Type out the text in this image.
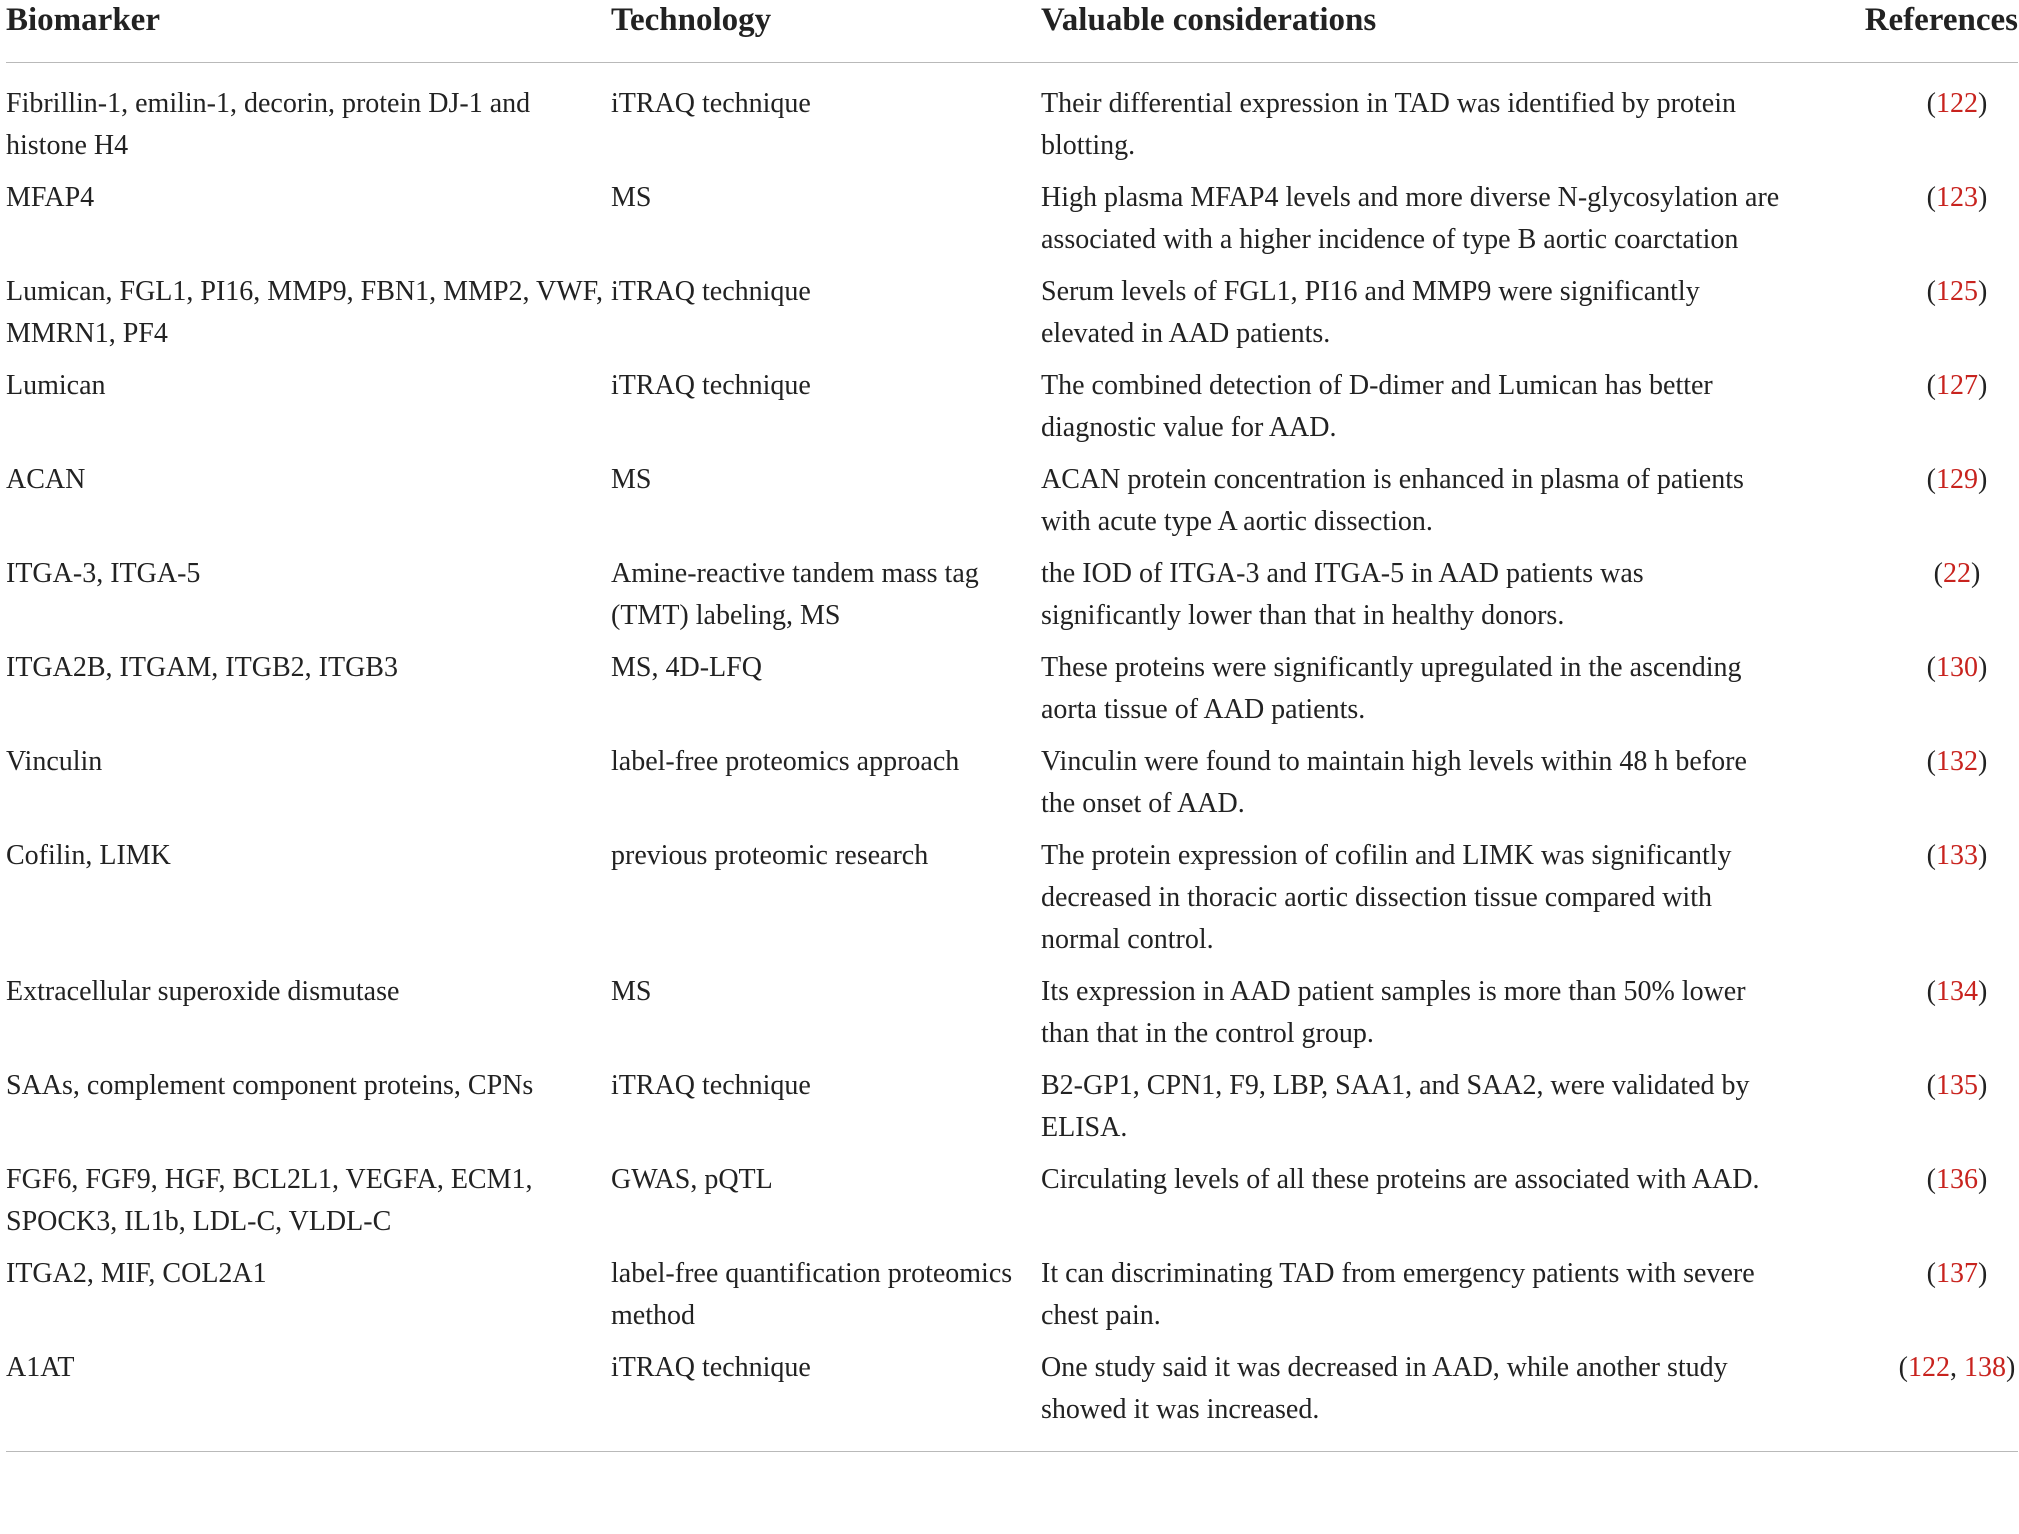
Biomarker	Technology	Valuable considerations	References
Fibrillin-1, emilin-1, decorin, protein DJ-1 and histone H4	iTRAQ technique	Their differential expression in TAD was identified by protein blotting.	(122)
MFAP4	MS	High plasma MFAP4 levels and more diverse N-glycosylation are associated with a higher incidence of type B aortic coarctation	(123)
Lumican, FGL1, PI16, MMP9, FBN1, MMP2, VWF, MMRN1, PF4	iTRAQ technique	Serum levels of FGL1, PI16 and MMP9 were significantly elevated in AAD patients.	(125)
Lumican	iTRAQ technique	The combined detection of D-dimer and Lumican has better diagnostic value for AAD.	(127)
ACAN	MS	ACAN protein concentration is enhanced in plasma of patients with acute type A aortic dissection.	(129)
ITGA-3, ITGA-5	Amine-reactive tandem mass tag (TMT) labeling, MS	the IOD of ITGA-3 and ITGA-5 in AAD patients was significantly lower than that in healthy donors.	(22)
ITGA2B, ITGAM, ITGB2, ITGB3	MS, 4D-LFQ	These proteins were significantly upregulated in the ascending aorta tissue of AAD patients.	(130)
Vinculin	label-free proteomics approach	Vinculin were found to maintain high levels within 48 h before the onset of AAD.	(132)
Cofilin, LIMK	previous proteomic research	The protein expression of cofilin and LIMK was significantly decreased in thoracic aortic dissection tissue compared with normal control.	(133)
Extracellular superoxide dismutase	MS	Its expression in AAD patient samples is more than 50% lower than that in the control group.	(134)
SAAs, complement component proteins, CPNs	iTRAQ technique	B2-GP1, CPN1, F9, LBP, SAA1, and SAA2, were validated by ELISA.	(135)
FGF6, FGF9, HGF, BCL2L1, VEGFA, ECM1, SPOCK3, IL1b, LDL-C, VLDL-C	GWAS, pQTL	Circulating levels of all these proteins are associated with AAD.	(136)
ITGA2, MIF, COL2A1	label-free quantification proteomics method	It can discriminating TAD from emergency patients with severe chest pain.	(137)
A1AT	iTRAQ technique	One study said it was decreased in AAD, while another study showed it was increased.	(122, 138)
